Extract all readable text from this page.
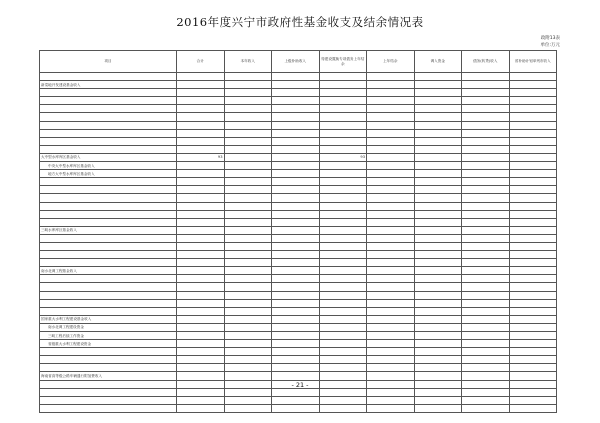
2016年度兴宁市政府性基金收支及结余情况表
政附13表
单位:万元
项目	合计	本年收入	上级补助收入	待建设置换专项债务上年结余	上年结余	调入资金	债务(转贷)收入	省补助计划单列市收入

新菜地开发建设基金收入								

大中型水库库区基金收入	93			93				
中央大中型水库库区基金收入								
地方大中型水库库区基金收入								

三峡水库库区基金收入								

南水北调工程基金收入								

国家重大水利工程建设基金收入								
南水北调工程建设资金								
三峡工程后续工作资金								
省级重大水利工程建设资金								

海南省高等级公路车辆通行附加费收入								

- 21 -
